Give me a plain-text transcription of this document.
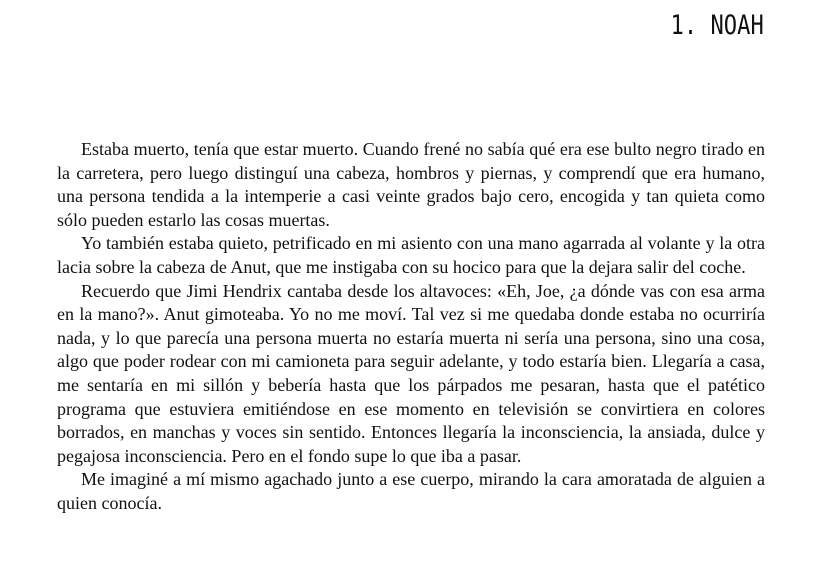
1. NOAH

Estaba muerto, tenía que estar muerto. Cuando frené no sabía qué era ese bulto negro tirado en la carretera, pero luego distinguí una cabeza, hombros y piernas, y comprendí que era humano, una persona tendida a la intemperie a casi veinte grados bajo cero, encogida y tan quieta como sólo pueden estarlo las cosas muertas.

Yo también estaba quieto, petrificado en mi asiento con una mano agarrada al volante y la otra lacia sobre la cabeza de Anut, que me instigaba con su hocico para que la dejara salir del coche.

Recuerdo que Jimi Hendrix cantaba desde los altavoces: «Eh, Joe, ¿a dónde vas con esa arma en la mano?». Anut gimoteaba. Yo no me moví. Tal vez si me quedaba donde estaba no ocurriría nada, y lo que parecía una persona muerta no estaría muerta ni sería una persona, sino una cosa, algo que poder rodear con mi camioneta para seguir adelante, y todo estaría bien. Llegaría a casa, me sentaría en mi sillón y bebería hasta que los párpados me pesaran, hasta que el patético programa que estuviera emitiéndose en ese momento en televisión se convirtiera en colores borrados, en manchas y voces sin sentido. Entonces llegaría la inconsciencia, la ansiada, dulce y pegajosa inconsciencia. Pero en el fondo supe lo que iba a pasar.

Me imaginé a mí mismo agachado junto a ese cuerpo, mirando la cara amoratada de alguien a quien conocía.
